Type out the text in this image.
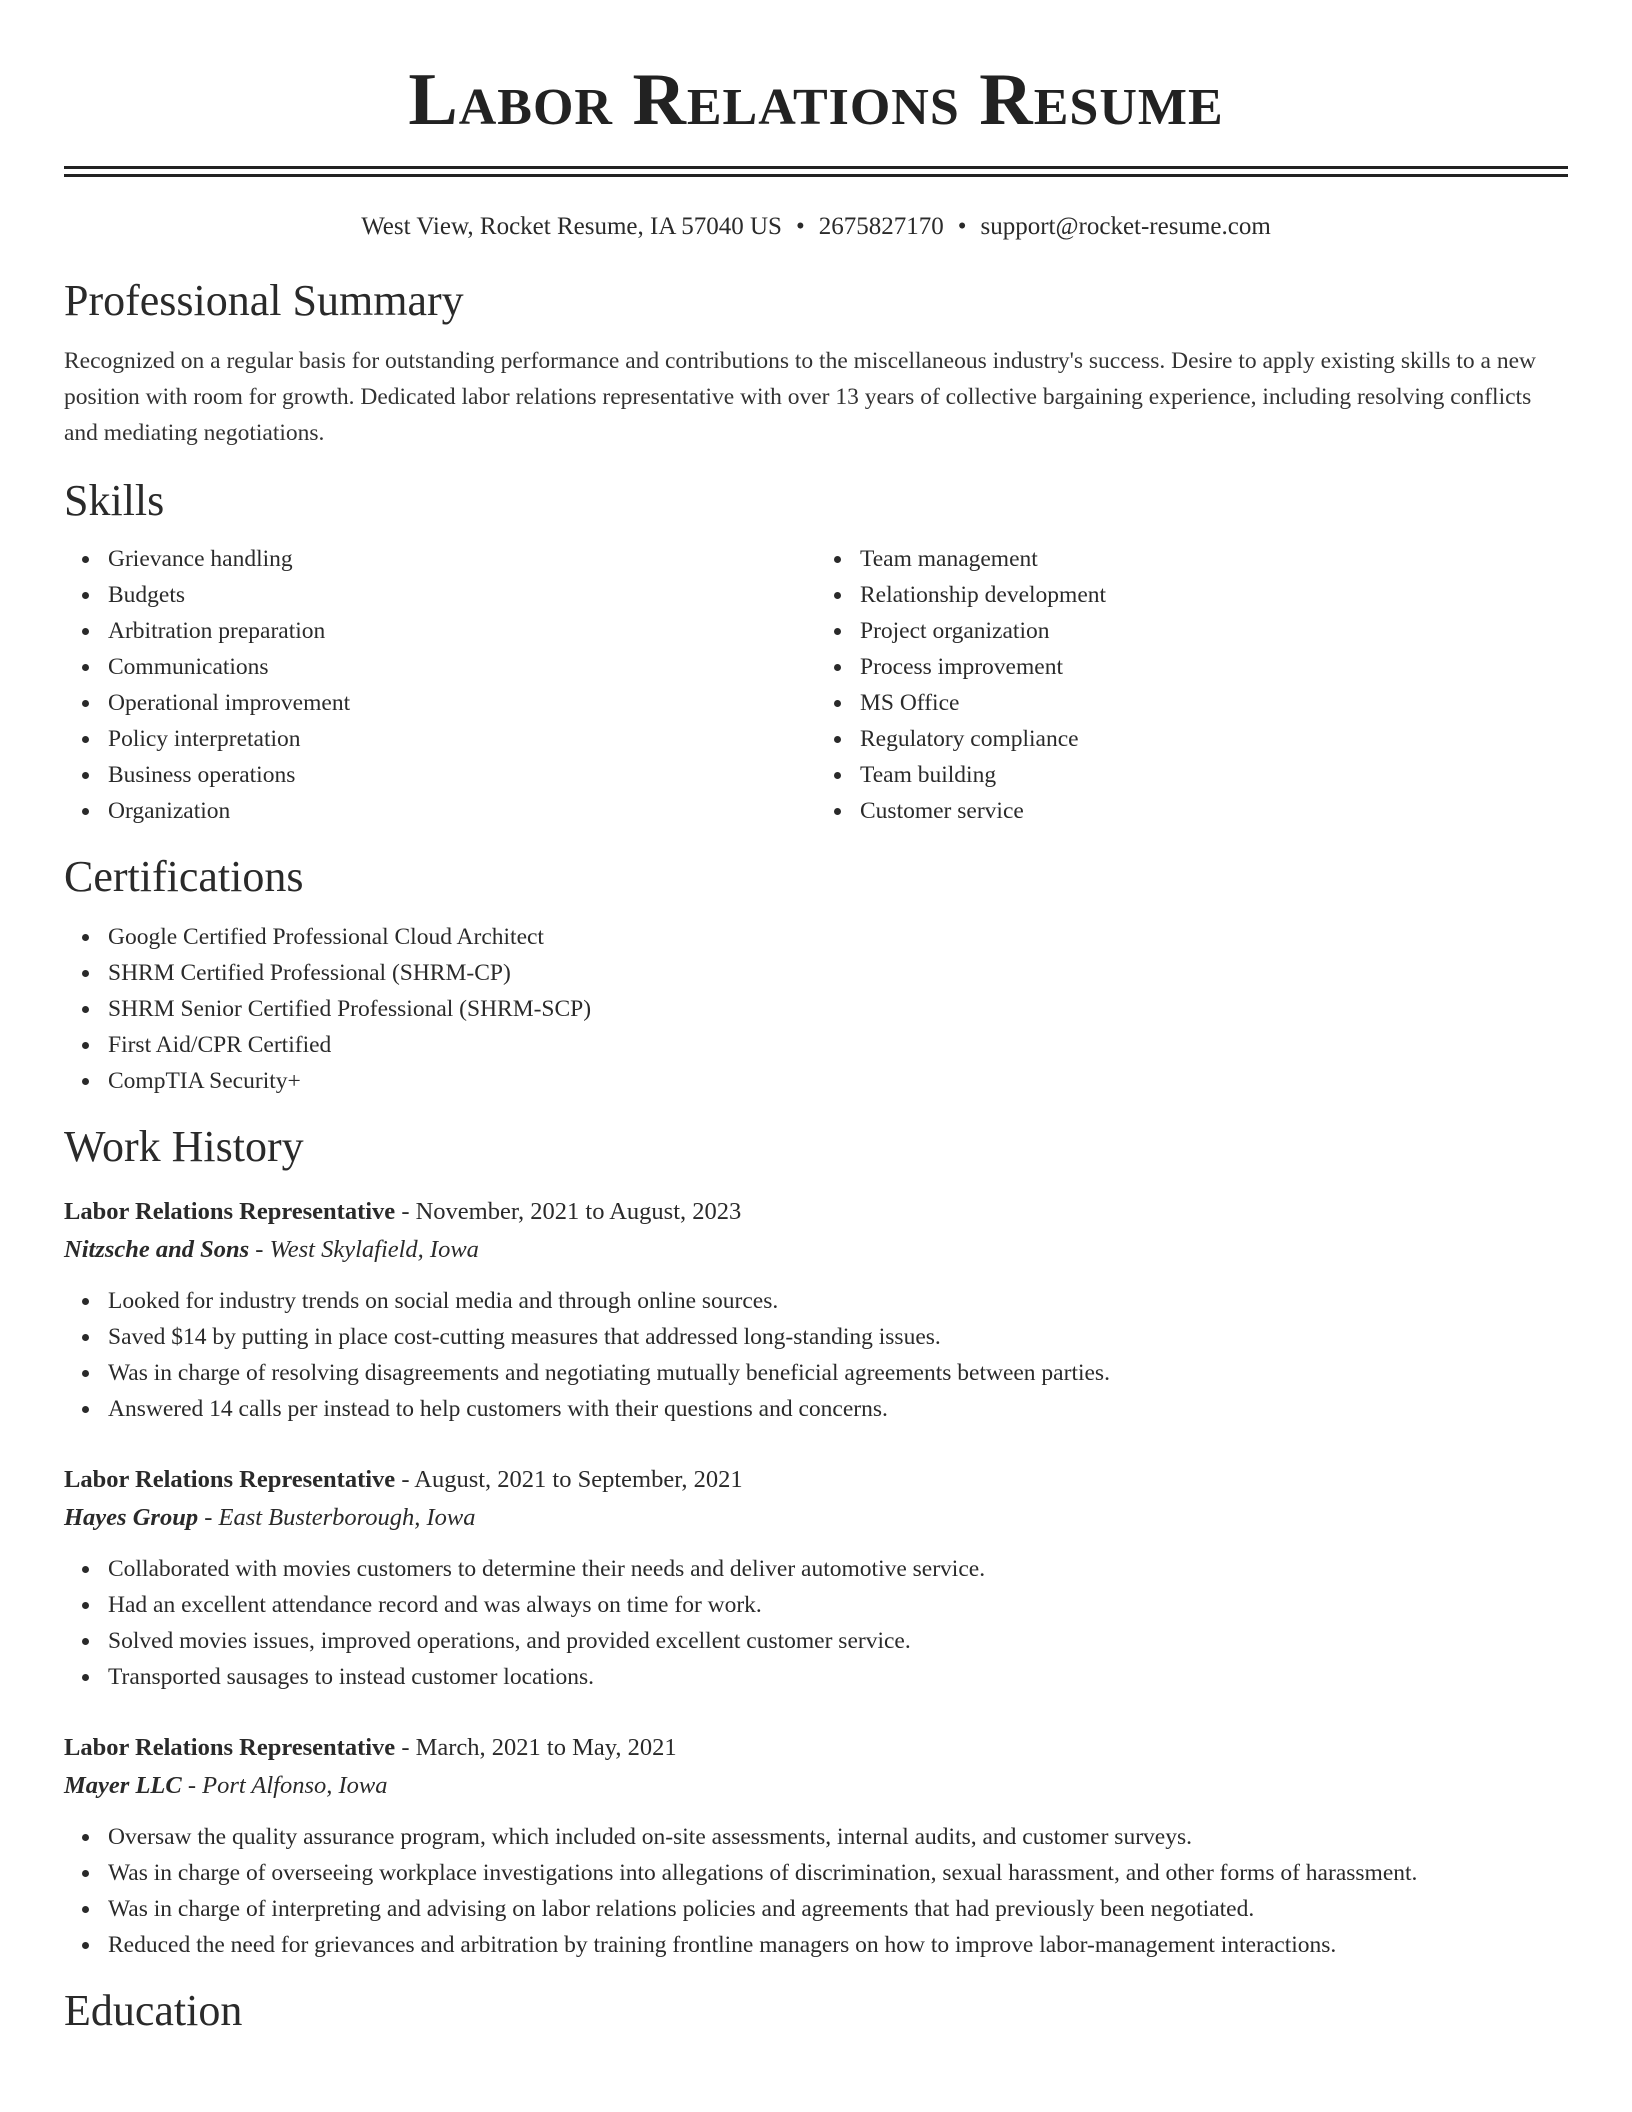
Labor Relations Resume
West View, Rocket Resume, IA 57040 US • 2675827170 • support@rocket-resume.com
Professional Summary

Recognized on a regular basis for outstanding performance and contributions to the miscellaneous industry's success. Desire to apply existing skills to a new position with room for growth. Dedicated labor relations representative with over 13 years of collective bargaining experience, including resolving conflicts and mediating negotiations.

Skills
Grievance handling
Budgets
Arbitration preparation
Communications
Operational improvement
Policy interpretation
Business operations
Organization
Team management
Relationship development
Project organization
Process improvement
MS Office
Regulatory compliance
Team building
Customer service
Certifications
Google Certified Professional Cloud Architect
SHRM Certified Professional (SHRM-CP)
SHRM Senior Certified Professional (SHRM-SCP)
First Aid/CPR Certified
CompTIA Security+
Work History
Labor Relations Representative - November, 2021 to August, 2023
Nitzsche and Sons - West Skylafield, Iowa
Looked for industry trends on social media and through online sources.
Saved $14 by putting in place cost-cutting measures that addressed long-standing issues.
Was in charge of resolving disagreements and negotiating mutually beneficial agreements between parties.
Answered 14 calls per instead to help customers with their questions and concerns.
Labor Relations Representative - August, 2021 to September, 2021
Hayes Group - East Busterborough, Iowa
Collaborated with movies customers to determine their needs and deliver automotive service.
Had an excellent attendance record and was always on time for work.
Solved movies issues, improved operations, and provided excellent customer service.
Transported sausages to instead customer locations.
Labor Relations Representative - March, 2021 to May, 2021
Mayer LLC - Port Alfonso, Iowa
Oversaw the quality assurance program, which included on-site assessments, internal audits, and customer surveys.
Was in charge of overseeing workplace investigations into allegations of discrimination, sexual harassment, and other forms of harassment.
Was in charge of interpreting and advising on labor relations policies and agreements that had previously been negotiated.
Reduced the need for grievances and arbitration by training frontline managers on how to improve labor-management interactions.
Education
